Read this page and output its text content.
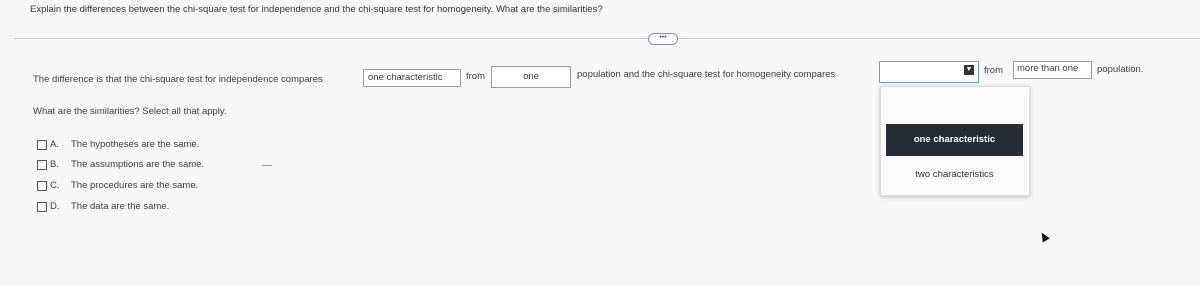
Explain the differences between the chi-square test for independence and the chi-square test for homogeneity. What are the similarities?
•••
The difference is that the chi-square test for independence compares	one characteristic	from	one	population and the chi-square test for homogeneity compares	▼ from	more than one	population.
one characteristic
two characteristics
What are the similarities? Select all that apply.
A. The hypotheses are the same.
B. The assumptions are the same.
C. The procedures are the same.
D. The data are the same.
